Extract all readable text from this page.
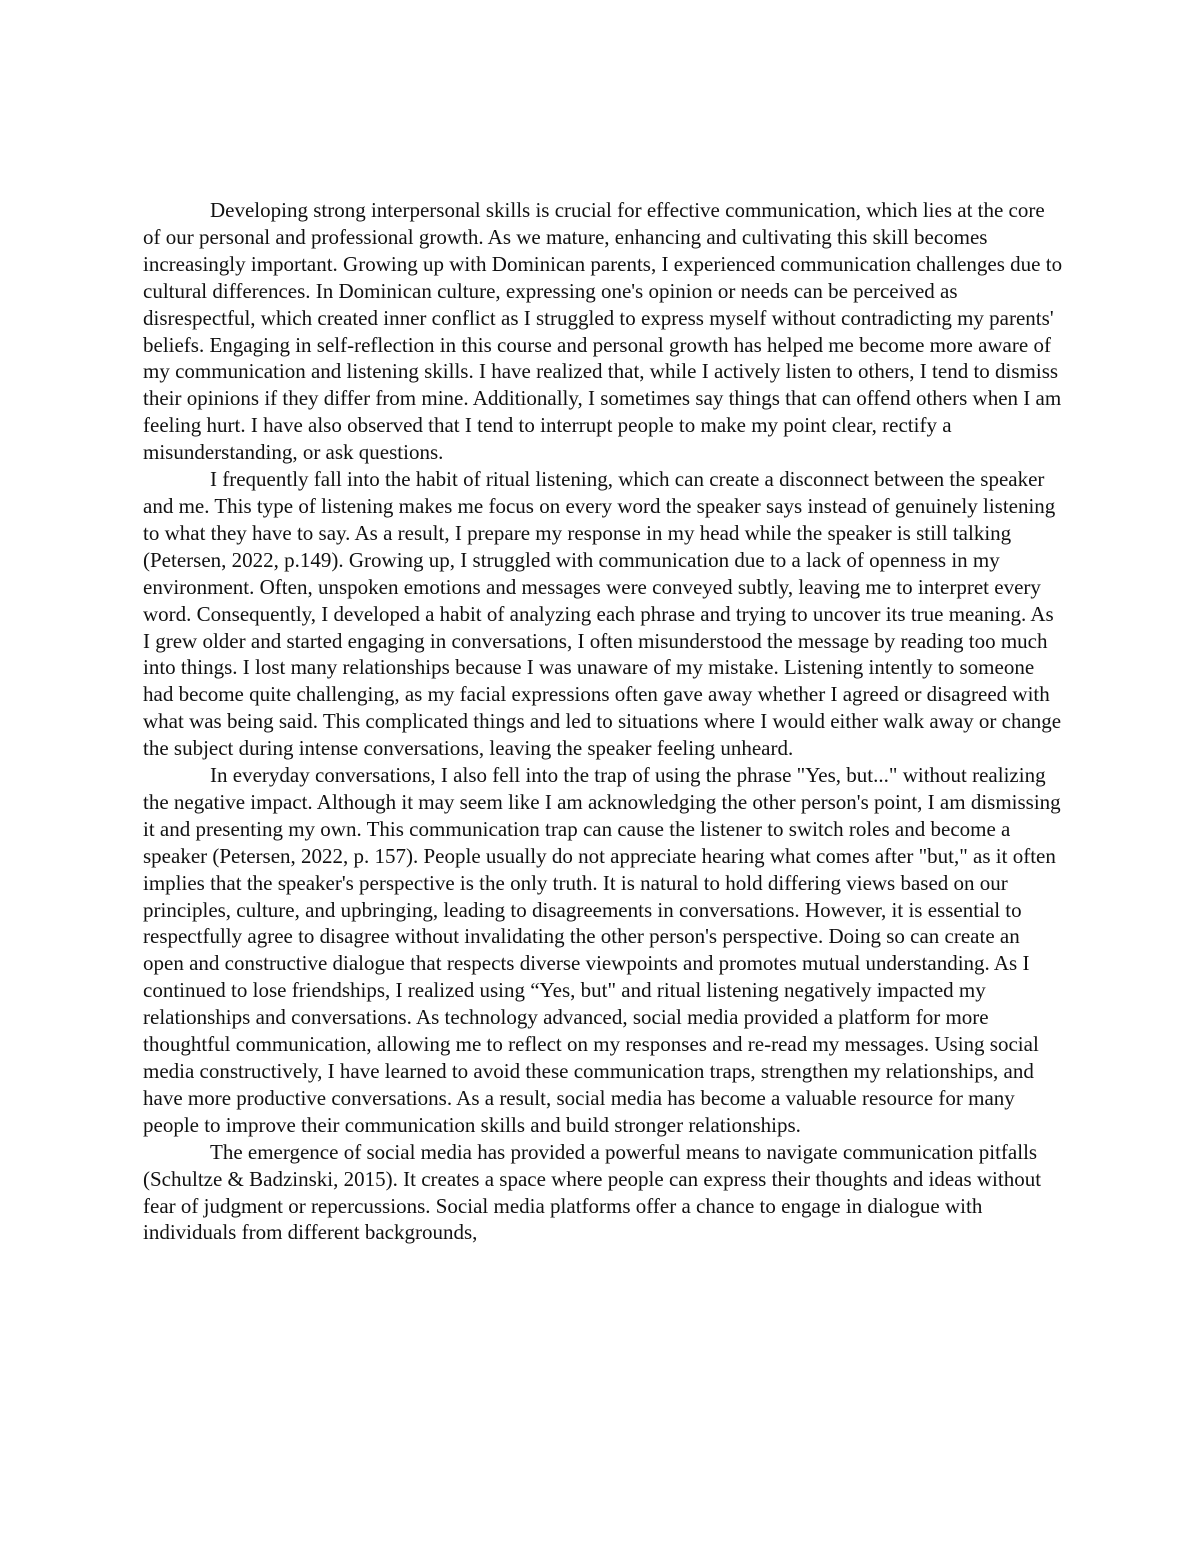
Developing strong interpersonal skills is crucial for effective communication, which lies at the core of our personal and professional growth. As we mature, enhancing and cultivating this skill becomes increasingly important. Growing up with Dominican parents, I experienced communication challenges due to cultural differences. In Dominican culture, expressing one's opinion or needs can be perceived as disrespectful, which created inner conflict as I struggled to express myself without contradicting my parents' beliefs. Engaging in self-reflection in this course and personal growth has helped me become more aware of my communication and listening skills. I have realized that, while I actively listen to others, I tend to dismiss their opinions if they differ from mine. Additionally, I sometimes say things that can offend others when I am feeling hurt. I have also observed that I tend to interrupt people to make my point clear, rectify a misunderstanding, or ask questions.

I frequently fall into the habit of ritual listening, which can create a disconnect between the speaker and me. This type of listening makes me focus on every word the speaker says instead of genuinely listening to what they have to say. As a result, I prepare my response in my head while the speaker is still talking (Petersen, 2022, p.149). Growing up, I struggled with communication due to a lack of openness in my environment. Often, unspoken emotions and messages were conveyed subtly, leaving me to interpret every word. Consequently, I developed a habit of analyzing each phrase and trying to uncover its true meaning. As I grew older and started engaging in conversations, I often misunderstood the message by reading too much into things. I lost many relationships because I was unaware of my mistake. Listening intently to someone had become quite challenging, as my facial expressions often gave away whether I agreed or disagreed with what was being said. This complicated things and led to situations where I would either walk away or change the subject during intense conversations, leaving the speaker feeling unheard.

In everyday conversations, I also fell into the trap of using the phrase "Yes, but..." without realizing the negative impact. Although it may seem like I am acknowledging the other person's point, I am dismissing it and presenting my own. This communication trap can cause the listener to switch roles and become a speaker (Petersen, 2022, p. 157). People usually do not appreciate hearing what comes after "but," as it often implies that the speaker's perspective is the only truth. It is natural to hold differing views based on our principles, culture, and upbringing, leading to disagreements in conversations. However, it is essential to respectfully agree to disagree without invalidating the other person's perspective. Doing so can create an open and constructive dialogue that respects diverse viewpoints and promotes mutual understanding. As I continued to lose friendships, I realized using “Yes, but" and ritual listening negatively impacted my relationships and conversations. As technology advanced, social media provided a platform for more thoughtful communication, allowing me to reflect on my responses and re-read my messages. Using social media constructively, I have learned to avoid these communication traps, strengthen my relationships, and have more productive conversations. As a result, social media has become a valuable resource for many people to improve their communication skills and build stronger relationships.

The emergence of social media has provided a powerful means to navigate communication pitfalls (Schultze & Badzinski, 2015). It creates a space where people can express their thoughts and ideas without fear of judgment or repercussions. Social media platforms offer a chance to engage in dialogue with individuals from different backgrounds,
